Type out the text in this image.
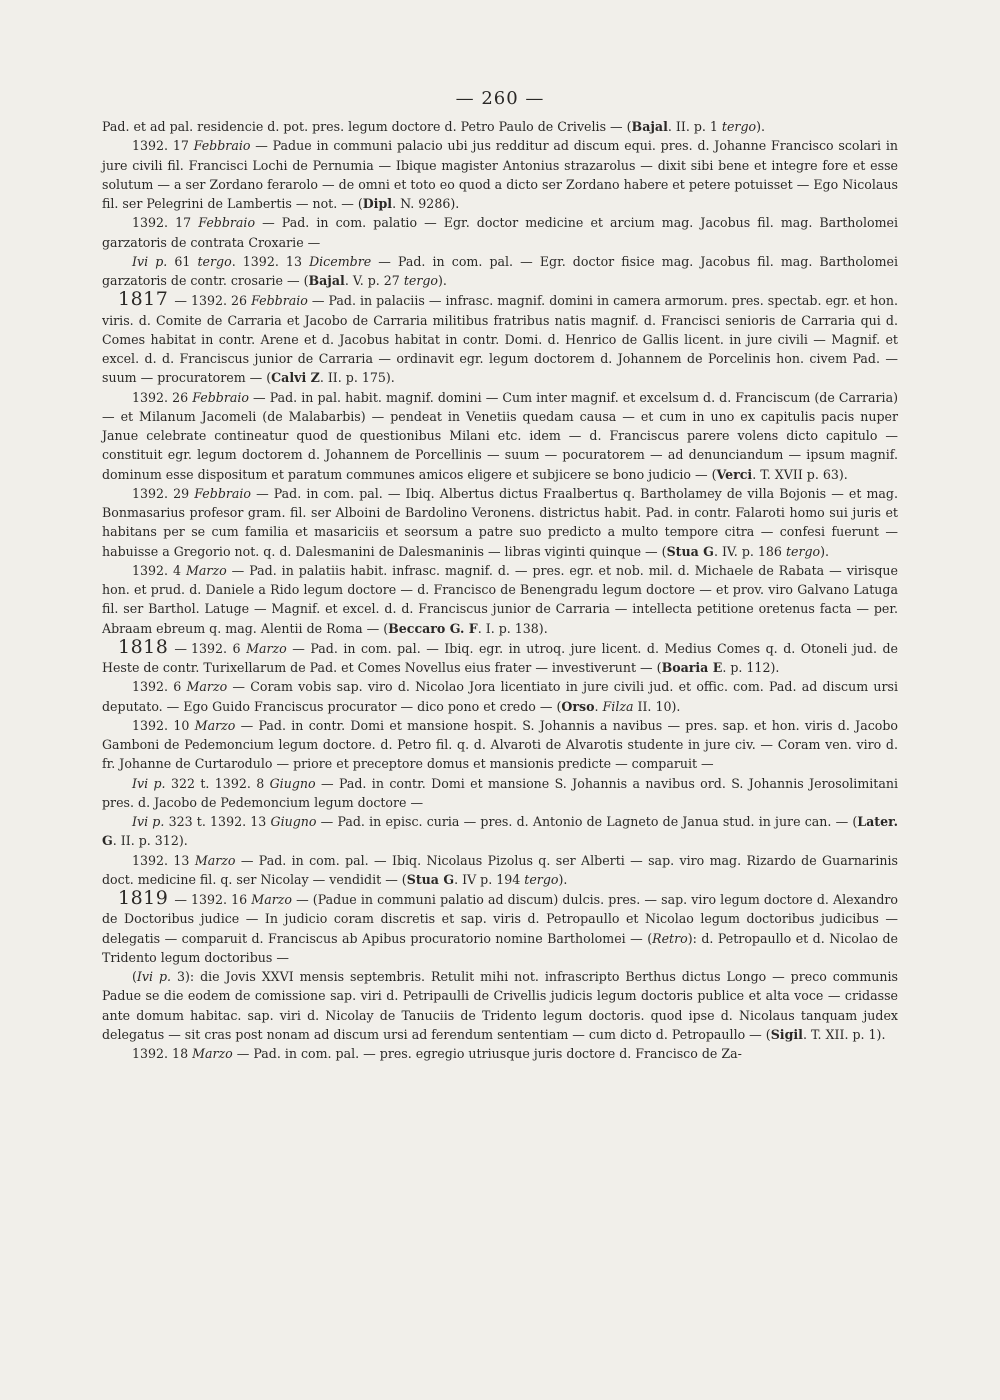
— 260 —

Pad. et ad pal. residencie d. pot. pres. legum doctore d. Petro Paulo de Crivelis — (Bajal. II. p. 1 tergo).

1392. 17 Febbraio — Padue in communi palacio ubi jus redditur ad discum equi. pres. d. Johanne Francisco scolari in jure civili fil. Francisci Lochi de Pernumia — Ibique magister Antonius strazarolus — dixit sibi bene et integre fore et esse solutum — a ser Zordano ferarolo — de omni et toto eo quod a dicto ser Zordano habere et petere potuisset — Ego Nicolaus fil. ser Pelegrini de Lambertis — not. — (Dipl. N. 9286).

1392. 17 Febbraio — Pad. in com. palatio — Egr. doctor medicine et arcium mag. Jacobus fil. mag. Bartholomei garzatoris de contrata Croxarie —

Ivi p. 61 tergo. 1392. 13 Dicembre — Pad. in com. pal. — Egr. doctor fisice mag. Jacobus fil. mag. Bartholomei garzatoris de contr. crosarie — (Bajal. V. p. 27 tergo).

1817 — 1392. 26 Febbraio — Pad. in palaciis — infrasc. magnif. domini in camera armorum. pres. spectab. egr. et hon. viris. d. Comite de Carraria et Jacobo de Carraria militibus fratribus natis magnif. d. Francisci senioris de Carraria qui d. Comes habitat in contr. Arene et d. Jacobus habitat in contr. Domi. d. Henrico de Gallis licent. in jure civili — Magnif. et excel. d. d. Franciscus junior de Carraria — ordinavit egr. legum doctorem d. Johannem de Porcelinis hon. civem Pad. — suum — procuratorem — (Calvi Z. II. p. 175).

1392. 26 Febbraio — Pad. in pal. habit. magnif. domini — Cum inter magnif. et excelsum d. d. Franciscum (de Carraria) — et Milanum Jacomeli (de Malabarbis) — pendeat in Venetiis quedam causa — et cum in uno ex capitulis pacis nuper Janue celebrate contineatur quod de questionibus Milani etc. idem — d. Franciscus parere volens dicto capitulo — constituit egr. legum doctorem d. Johannem de Porcellinis — suum — pocuratorem — ad denunciandum — ipsum magnif. dominum esse dispositum et paratum communes amicos eligere et subjicere se bono judicio — (Verci. T. XVII p. 63).

1392. 29 Febbraio — Pad. in com. pal. — Ibiq. Albertus dictus Fraalbertus q. Bartholamey de villa Bojonis — et mag. Bonmasarius profesor gram. fil. ser Alboini de Bardolino Veronens. districtus habit. Pad. in contr. Falaroti homo sui juris et habitans per se cum familia et masariciis et seorsum a patre suo predicto a multo tempore citra — confesi fuerunt — habuisse a Gregorio not. q. d. Dalesmanini de Dalesmaninis — libras viginti quinque — (Stua G. IV. p. 186 tergo).

1392. 4 Marzo — Pad. in palatiis habit. infrasc. magnif. d. — pres. egr. et nob. mil. d. Michaele de Rabata — virisque hon. et prud. d. Daniele a Rido legum doctore — d. Francisco de Benengradu legum doctore — et prov. viro Galvano Latuga fil. ser Barthol. Latuge — Magnif. et excel. d. d. Franciscus junior de Carraria — intellecta petitione oretenus facta — per. Abraam ebreum q. mag. Alentii de Roma — (Beccaro G. F. I. p. 138).

1818 — 1392. 6 Marzo — Pad. in com. pal. — Ibiq. egr. in utroq. jure licent. d. Medius Comes q. d. Otoneli jud. de Heste de contr. Turixellarum de Pad. et Comes Novellus eius frater — investiverunt — (Boaria E. p. 112).

1392. 6 Marzo — Coram vobis sap. viro d. Nicolao Jora licentiato in jure civili jud. et offic. com. Pad. ad discum ursi deputato. — Ego Guido Franciscus procurator — dico pono et credo — (Orso. Filza II. 10).

1392. 10 Marzo — Pad. in contr. Domi et mansione hospit. S. Johannis a navibus — pres. sap. et hon. viris d. Jacobo Gamboni de Pedemoncium legum doctore. d. Petro fil. q. d. Alvaroti de Alvarotis studente in jure civ. — Coram ven. viro d. fr. Johanne de Curtarodulo — priore et preceptore domus et mansionis predicte — comparuit —

Ivi p. 322 t. 1392. 8 Giugno — Pad. in contr. Domi et mansione S. Johannis a navibus ord. S. Johannis Jerosolimitani pres. d. Jacobo de Pedemoncium legum doctore —

Ivi p. 323 t. 1392. 13 Giugno — Pad. in episc. curia — pres. d. Antonio de Lagneto de Janua stud. in jure can. — (Later. G. II. p. 312).

1392. 13 Marzo — Pad. in com. pal. — Ibiq. Nicolaus Pizolus q. ser Alberti — sap. viro mag. Rizardo de Guarnarinis doct. medicine fil. q. ser Nicolay — vendidit — (Stua G. IV p. 194 tergo).

1819 — 1392. 16 Marzo — (Padue in communi palatio ad discum) dulcis. pres. — sap. viro legum doctore d. Alexandro de Doctoribus judice — In judicio coram discretis et sap. viris d. Petropaullo et Nicolao legum doctoribus judicibus — delegatis — comparuit d. Franciscus ab Apibus procuratorio nomine Bartholomei — (Retro): d. Petropaullo et d. Nicolao de Tridento legum doctoribus —

(Ivi p. 3): die Jovis XXVI mensis septembris. Retulit mihi not. infrascripto Berthus dictus Longo — preco communis Padue se die eodem de comissione sap. viri d. Petripaulli de Crivellis judicis legum doctoris publice et alta voce — cridasse ante domum habitac. sap. viri d. Nicolay de Tanuciis de Tridento legum doctoris. quod ipse d. Nicolaus tanquam judex delegatus — sit cras post nonam ad discum ursi ad ferendum sententiam — cum dicto d. Petropaullo — (Sigil. T. XII. p. 1).

1392. 18 Marzo — Pad. in com. pal. — pres. egregio utriusque juris doctore d. Francisco de Za-
